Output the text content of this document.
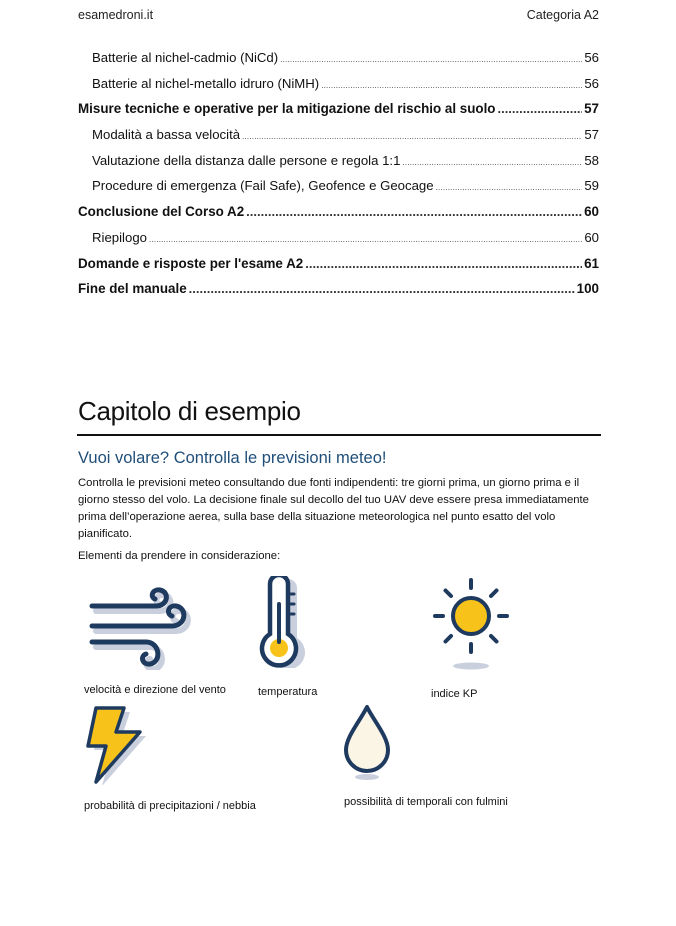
esamedroni.it	Categoria A2
Batterie al nichel-cadmio (NiCd) .....	56
Batterie al nichel-metallo idruro (NiMH) .....	56
Misure tecniche e operative per la mitigazione del rischio al suolo .....	57
Modalità a bassa velocità .....	57
Valutazione della distanza dalle persone e regola 1:1 .....	58
Procedure di emergenza (Fail Safe), Geofence e Geocage .....	59
Conclusione del Corso A2 .....	60
Riepilogo .....	60
Domande e risposte per l'esame A2 .....	61
Fine del manuale .....	100
Capitolo di esempio
Vuoi volare? Controlla le previsioni meteo!

Controlla le previsioni meteo consultando due fonti indipendenti: tre giorni prima, un giorno prima e il giorno stesso del volo. La decisione finale sul decollo del tuo UAV deve essere presa immediatamente prima dell’operazione aerea, sulla base della situazione meteorologica nel punto esatto del volo pianificato.

Elementi da prendere in considerazione:
velocità e direzione del vento	temperatura	indice KP
probabilità di precipitazioni / nebbia	possibilità di temporali con fulmini
